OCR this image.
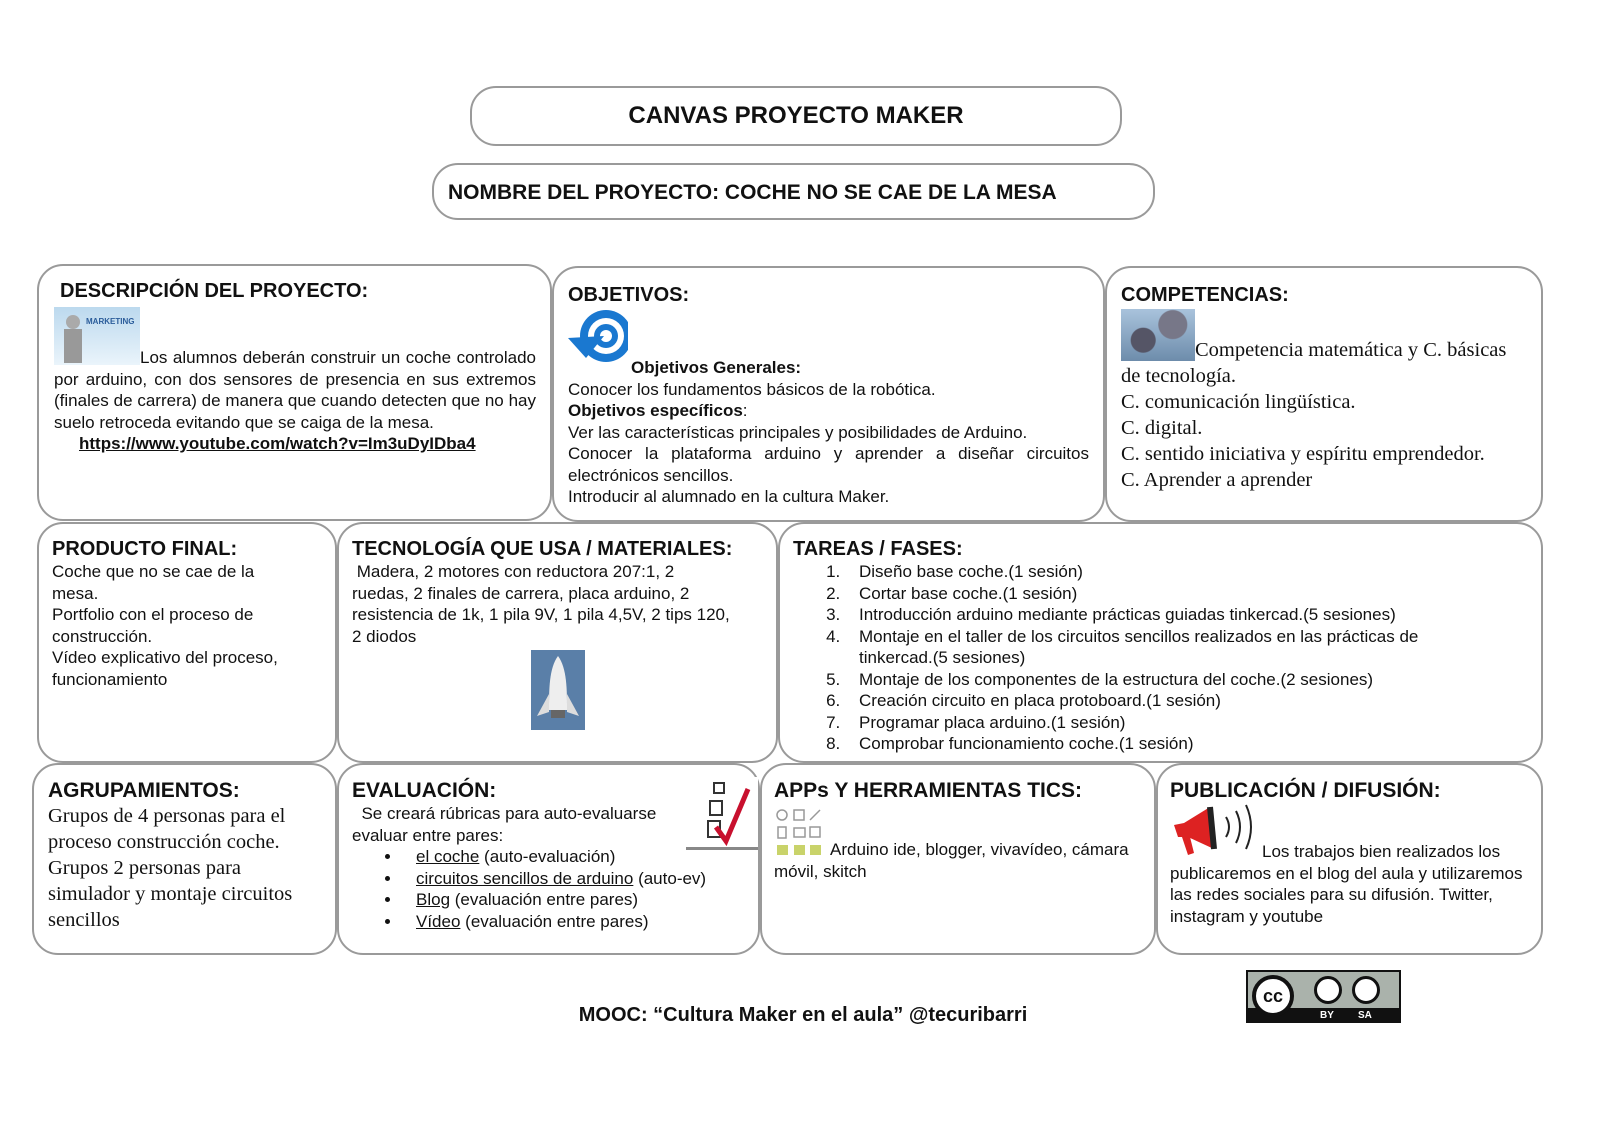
CANVAS PROYECTO MAKER
NOMBRE DEL PROYECTO: COCHE NO SE CAE DE LA MESA

DESCRIPCIÓN DEL PROYECTO:

MARKETING
Los alumnos deberán construir un coche controlado por arduino, con dos sensores de presencia en sus extremos (finales de carrera) de manera que cuando detecten que no hay suelo retroceda evitando que se caiga de la mesa.
https://www.youtube.com/watch?v=Im3uDyIDba4

OBJETIVOS:

Objetivos Generales:
Conocer los fundamentos básicos de la robótica.
Objetivos específicos:
Ver las características principales y posibilidades de Arduino.
Conocer la plataforma arduino y aprender a diseñar circuitos electrónicos sencillos.
Introducir al alumnado en la cultura Maker.

COMPETENCIAS:

Competencia matemática y C. básicas de tecnología.
C. comunicación lingüística.
C. digital.
C. sentido iniciativa y espíritu emprendedor.
C. Aprender a aprender

PRODUCTO FINAL:

Coche que no se cae de la mesa.
Portfolio con el proceso de construcción.
Vídeo explicativo del proceso, funcionamiento

TECNOLOGÍA QUE USA / MATERIALES:

Madera, 2 motores con reductora 207:1, 2 ruedas, 2 finales de carrera, placa arduino, 2 resistencia de 1k, 1 pila 9V, 1 pila 4,5V, 2 tips 120, 2 diodos

TAREAS / FASES:

1. Diseño base coche.(1 sesión)
2. Cortar base coche.(1 sesión)
3. Introducción arduino mediante prácticas guiadas tinkercad.(5 sesiones)
4. Montaje en el taller de los circuitos sencillos realizados en las prácticas de tinkercad.(5 sesiones)
5. Montaje de los componentes de la estructura del coche.(2 sesiones)
6. Creación circuito en placa protoboard.(1 sesión)
7. Programar placa arduino.(1 sesión)
8. Comprobar funcionamiento coche.(1 sesión)

AGRUPAMIENTOS:

Grupos de 4 personas para el proceso construcción coche. Grupos 2 personas para simulador y montaje circuitos sencillos

EVALUACIÓN:

Se creará rúbricas para auto-evaluarse evaluar entre pares:
• el coche (auto-evaluación)
• circuitos sencillos de arduino (auto-ev)
• Blog (evaluación entre pares)
• Vídeo (evaluación entre pares)

APPs Y HERRAMIENTAS TICS:

Arduino ide, blogger, vivavídeo, cámara móvil, skitch

PUBLICACIÓN / DIFUSIÓN:

Los trabajos bien realizados los publicaremos en el blog del aula y utilizaremos las redes sociales para su difusión. Twitter, instagram y youtube
MOOC: “Cultura Maker en el aula” @tecuribarri
cc
BY SA
